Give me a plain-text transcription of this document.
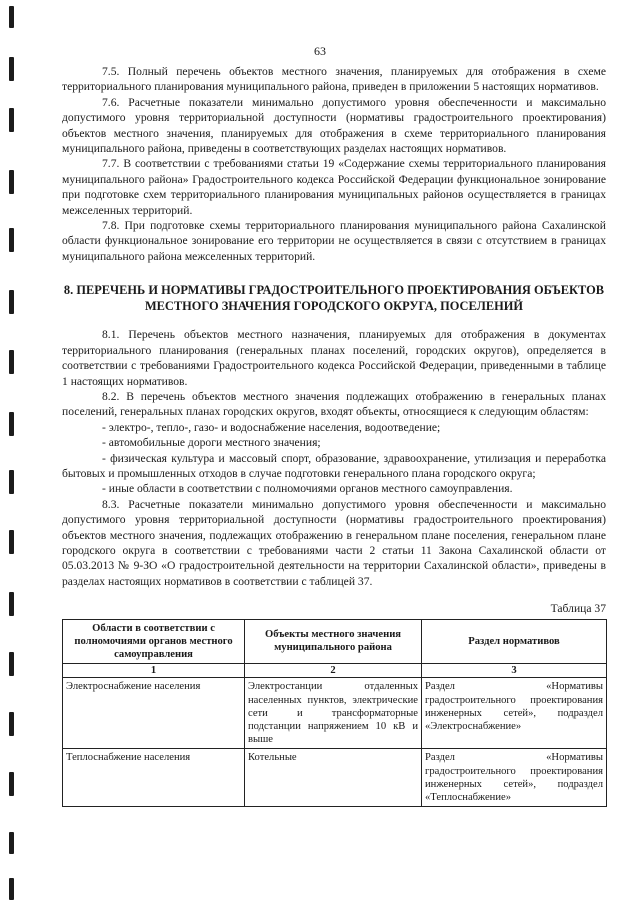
63

7.5. Полный перечень объектов местного значения, планируемых для отображения в схеме территориального планирования муниципального района, приведен в приложении 5 настоящих нормативов.

7.6. Расчетные показатели минимально допустимого уровня обеспеченности и максимально допустимого уровня территориальной доступности (нормативы градостроительного проектирования) объектов местного значения, планируемых для отображения в схеме территориального планирования муниципального района, приведены в соответствующих разделах настоящих нормативов.

7.7. В соответствии с требованиями статьи 19 «Содержание схемы территориального планирования муниципального района» Градостроительного кодекса Российской Федерации функциональное зонирование при подготовке схем территориального планирования муниципальных районов осуществляется в границах межселенных территорий.

7.8. При подготовке схемы территориального планирования муниципального района Сахалинской области функциональное зонирование его территории не осуществляется в связи с отсутствием в границах муниципального района межселенных территорий.

8. ПЕРЕЧЕНЬ И НОРМАТИВЫ ГРАДОСТРОИТЕЛЬНОГО ПРОЕКТИРОВАНИЯ ОБЪЕКТОВ МЕСТНОГО ЗНАЧЕНИЯ ГОРОДСКОГО ОКРУГА, ПОСЕЛЕНИЙ

8.1. Перечень объектов местного назначения, планируемых для отображения в документах территориального планирования (генеральных планах поселений, городских округов), определяется в соответствии с требованиями Градостроительного кодекса Российской Федерации, приведенными в таблице 1 настоящих нормативов.

8.2. В перечень объектов местного значения подлежащих отображению в генеральных планах поселений, генеральных планах городских округов, входят объекты, относящиеся к следующим областям:

- электро-, тепло-, газо- и водоснабжение населения, водоотведение;

- автомобильные дороги местного значения;

- физическая культура и массовый спорт, образование, здравоохранение, утилизация и переработка бытовых и промышленных отходов в случае подготовки генерального плана городского округа;

- иные области в соответствии с полномочиями органов местного самоуправления.

8.3. Расчетные показатели минимально допустимого уровня обеспеченности и максимально допустимого уровня территориальной доступности (нормативы градостроительного проектирования) объектов местного значения, подлежащих отображению в генеральном плане поселения, генеральном плане городского округа в соответствии с требованиями части 2 статьи 11 Закона Сахалинской области от 05.03.2013 № 9-ЗО «О градостроительной деятельности на территории Сахалинской области», приведены в разделах настоящих нормативов в соответствии с таблицей 37.

Таблица 37
Области в соответствии с полномочиями органов местного самоуправления	Объекты местного значения муниципального района	Раздел нормативов
1	2	3
Электроснабжение населения	Электростанции отдаленных населенных пунктов, электрические сети и трансформаторные подстанции напряжением 10 кВ и выше	Раздел «Нормативы градостроительного проектирования инженерных сетей», подраздел «Электроснабжение»
Теплоснабжение населения	Котельные	Раздел «Нормативы градостроительного проектирования инженерных сетей», подраздел «Теплоснабжение»
